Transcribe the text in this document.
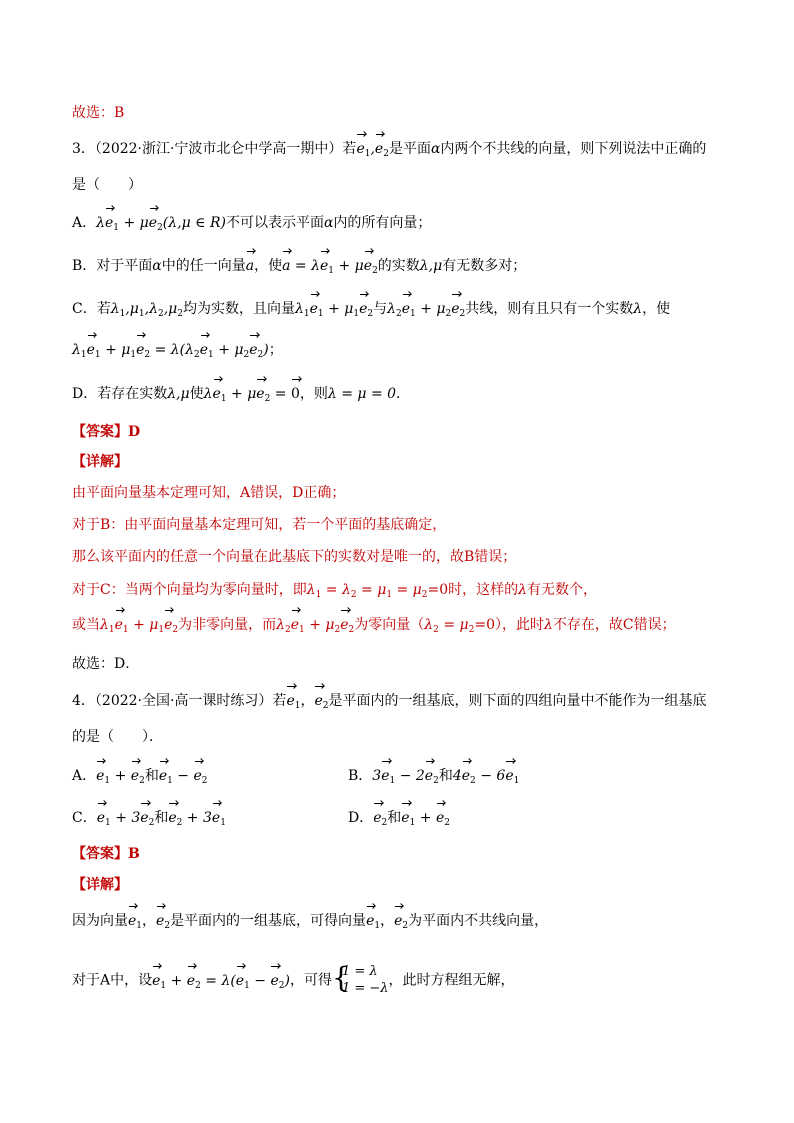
故选：B
3．（2022·浙江·宁波市北仑中学高一期中）若$e_1,e_2$是平面α内两个不共线的向量，则下列说法中正确的
是（　　）
A．$\lambda e_1 + \mu e_2(\lambda,\mu$ ∈ R)不可以表示平面α内的所有向量；
B．对于平面α中的任一向量a，使$a = \lambda e_1 + \mu e_2$的实数λ,μ有无数多对；
C．若$\lambda_1,\mu_1,\lambda_2,\mu_2$均为实数，且向量$\lambda_1e_1 + \mu_1e_2$与$\lambda_2e_1 + \mu_2e_2$共线，则有且只有一个实数λ，使
$\lambda_1e_1 + \mu_1e_2 = \lambda(\lambda_2e_1 + \mu_2e_2)$；
D．若存在实数λ,μ使$\lambda e_1 + \mu e_2 = 0$，则λ = μ = 0．
【答案】D
【详解】
由平面向量基本定理可知，A错误，D正确；
对于B：由平面向量基本定理可知，若一个平面的基底确定，
那么该平面内的任意一个向量在此基底下的实数对是唯一的，故B错误；
对于C：当两个向量均为零向量时，即$\lambda_1 = \lambda_2 = \mu_1 = \mu_2=0$时，这样的λ有无数个，
或当$\lambda_1e_1 + \mu_1e_2$为非零向量，而$\lambda_2e_1 + \mu_2e_2$为零向量$(\lambda_2 = \mu_2=0)$，此时λ不存在，故C错误；
故选：D．
4．（2022·全国·高一课时练习）若$e_1$，$e_2$是平面内的一组基底，则下面的四组向量中不能作为一组基底
的是（　　）．
A．$e_1 + e_2$和$e_1 - e_2$	B．$3e_1 - 2e_2$和$4e_2 - 6e_1$
C．$e_1 + 3e_2$和$e_2 + 3e_1$	D．$e_2$和$e_1 + e_2$
【答案】B
【详解】
因为向量$e_1$，$e_2$是平面内的一组基底，可得向量$e_1$，$e_2$为平面内不共线向量，
对于A中，设$e_1 + e_2 = \lambda(e_1 - e_2)$，可得 {
1 = λ
1 = −λ ，此时方程组无解，
